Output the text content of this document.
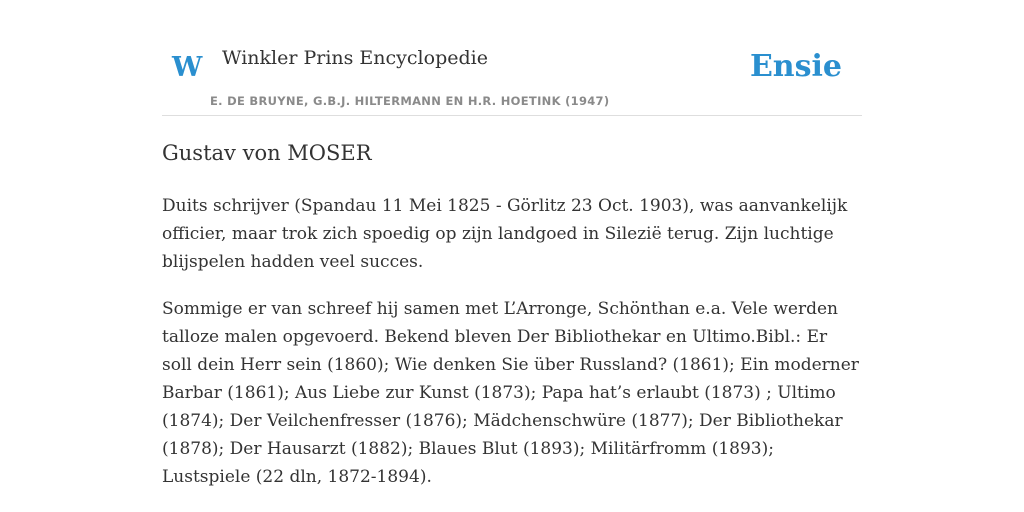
W Winkler Prins Encyclopedie
E. DE BRUYNE, G.B.J. HILTERMANN EN H.R. HOETINK (1947)
Ensie
Gustav von MOSER

Duits schrijver (Spandau 11 Mei 1825 - Görlitz 23 Oct. 1903), was aanvankelijk officier, maar trok zich spoedig op zijn landgoed in Silezië terug. Zijn luchtige blijspelen hadden veel succes.

Sommige er van schreef hij samen met L’Arronge, Schönthan e.a. Vele werden talloze malen opgevoerd. Bekend bleven Der Bibliothekar en Ultimo.Bibl.: Er soll dein Herr sein (1860); Wie denken Sie über Russland? (1861); Ein moderner Barbar (1861); Aus Liebe zur Kunst (1873); Papa hat’s erlaubt (1873) ; Ultimo (1874); Der Veilchenfresser (1876); Mädchenschwüre (1877); Der Bibliothekar (1878); Der Hausarzt (1882); Blaues Blut (1893); Militärfromm (1893); Lustspiele (22 dln, 1872-1894).
